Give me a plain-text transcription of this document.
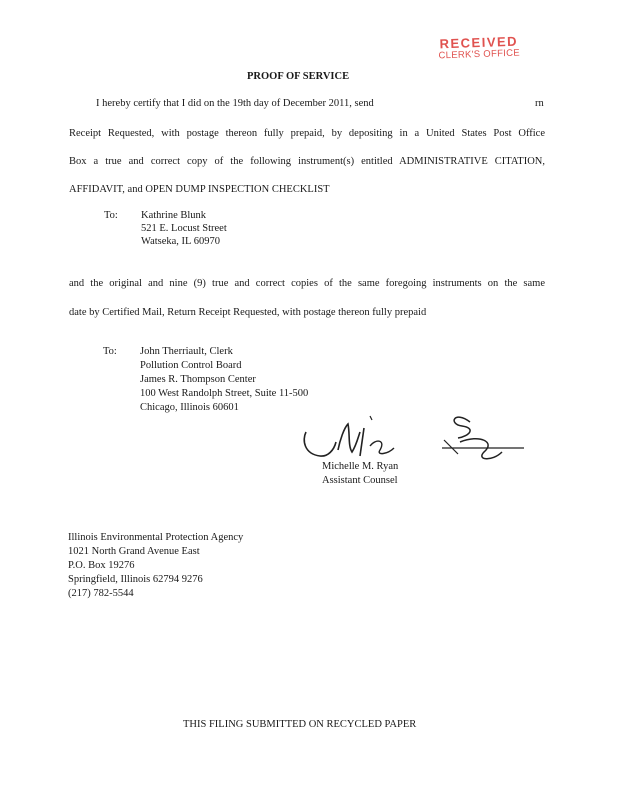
RECEIVED
CLERK'S OFFICE
PROOF OF SERVICE
I hereby certify that I did on the 19th day of December 2011, send	rn
Receipt Requested, with postage thereon fully prepaid, by depositing in a United States Post Office
Box a true and correct copy of the following instrument(s) entitled ADMINISTRATIVE CITATION,
AFFIDAVIT, and OPEN DUMP INSPECTION CHECKLIST
To: Kathrine Blunk
521 E. Locust Street
Watseka, IL 60970
and the original and nine (9) true and correct copies of the same foregoing instruments on the same
date by Certified Mail, Return Receipt Requested, with postage thereon fully prepaid
To: John Therriault, Clerk
Pollution Control Board
James R. Thompson Center
100 West Randolph Street, Suite 11-500
Chicago, Illinois 60601
Michelle M. Ryan
Assistant Counsel
Illinois Environmental Protection Agency
1021 North Grand Avenue East
P.O. Box 19276
Springfield, Illinois 62794 9276
(217) 782-5544
THIS FILING SUBMITTED ON RECYCLED PAPER
